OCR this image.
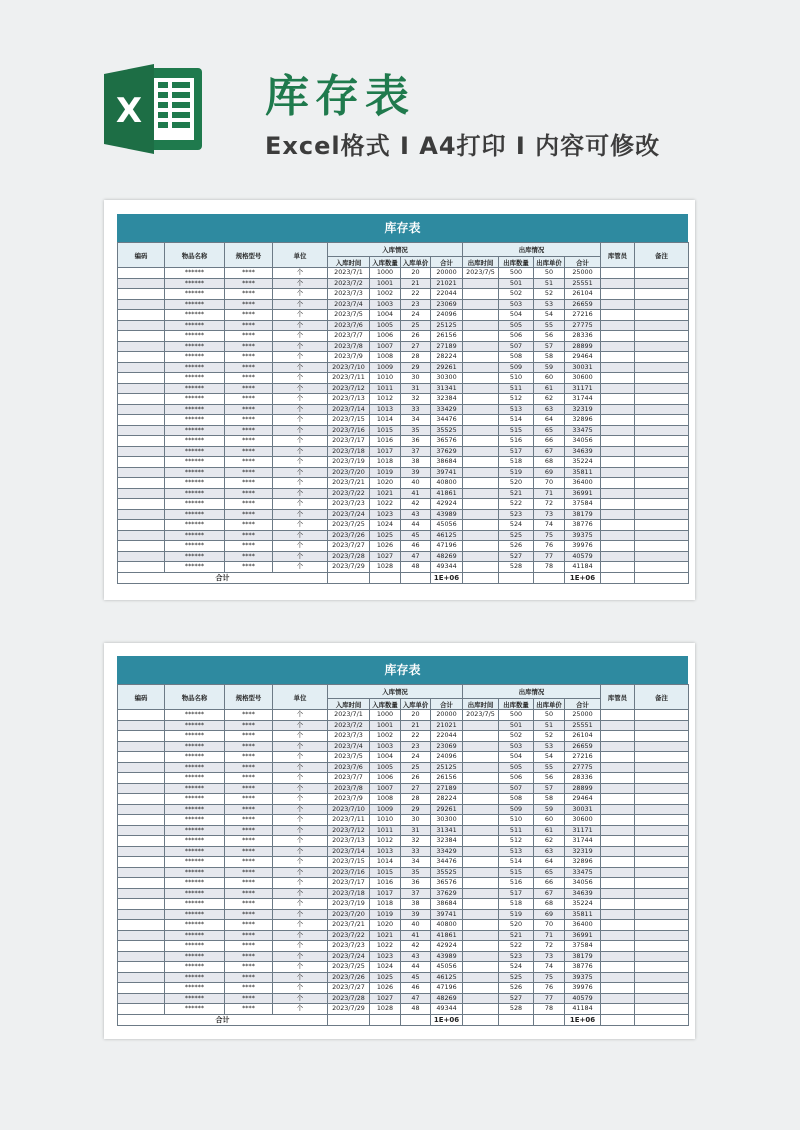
X	库存表
Excel格式 I A4打印 I 内容可修改
库存表
编码	物品名称	规格型号	单位	入库情况				出库情况				库管员	备注
				入库时间	入库数量	入库单价	合计	出库时间	出库数量	出库单价	合计		
	******	****	个	2023/7/1	1000	20	20000	2023/7/5	500	50	25000		
	******	****	个	2023/7/2	1001	21	21021		501	51	25551		
	******	****	个	2023/7/3	1002	22	22044		502	52	26104		
	******	****	个	2023/7/4	1003	23	23069		503	53	26659		
	******	****	个	2023/7/5	1004	24	24096		504	54	27216		
	******	****	个	2023/7/6	1005	25	25125		505	55	27775		
	******	****	个	2023/7/7	1006	26	26156		506	56	28336		
	******	****	个	2023/7/8	1007	27	27189		507	57	28899		
	******	****	个	2023/7/9	1008	28	28224		508	58	29464		
	******	****	个	2023/7/10	1009	29	29261		509	59	30031		
	******	****	个	2023/7/11	1010	30	30300		510	60	30600		
	******	****	个	2023/7/12	1011	31	31341		511	61	31171		
	******	****	个	2023/7/13	1012	32	32384		512	62	31744		
	******	****	个	2023/7/14	1013	33	33429		513	63	32319		
	******	****	个	2023/7/15	1014	34	34476		514	64	32896		
	******	****	个	2023/7/16	1015	35	35525		515	65	33475		
	******	****	个	2023/7/17	1016	36	36576		516	66	34056		
	******	****	个	2023/7/18	1017	37	37629		517	67	34639		
	******	****	个	2023/7/19	1018	38	38684		518	68	35224		
	******	****	个	2023/7/20	1019	39	39741		519	69	35811		
	******	****	个	2023/7/21	1020	40	40800		520	70	36400		
	******	****	个	2023/7/22	1021	41	41861		521	71	36991		
	******	****	个	2023/7/23	1022	42	42924		522	72	37584		
	******	****	个	2023/7/24	1023	43	43989		523	73	38179		
	******	****	个	2023/7/25	1024	44	45056		524	74	38776		
	******	****	个	2023/7/26	1025	45	46125		525	75	39375		
	******	****	个	2023/7/27	1026	46	47196		526	76	39976		
	******	****	个	2023/7/28	1027	47	48269		527	77	40579		
	******	****	个	2023/7/29	1028	48	49344		528	78	41184		
合计							1E+06				1E+06		
库存表
编码	物品名称	规格型号	单位	入库情况				出库情况				库管员	备注
				入库时间	入库数量	入库单价	合计	出库时间	出库数量	出库单价	合计		
	******	****	个	2023/7/1	1000	20	20000	2023/7/5	500	50	25000		
	******	****	个	2023/7/2	1001	21	21021		501	51	25551		
	******	****	个	2023/7/3	1002	22	22044		502	52	26104		
	******	****	个	2023/7/4	1003	23	23069		503	53	26659		
	******	****	个	2023/7/5	1004	24	24096		504	54	27216		
	******	****	个	2023/7/6	1005	25	25125		505	55	27775		
	******	****	个	2023/7/7	1006	26	26156		506	56	28336		
	******	****	个	2023/7/8	1007	27	27189		507	57	28899		
	******	****	个	2023/7/9	1008	28	28224		508	58	29464		
	******	****	个	2023/7/10	1009	29	29261		509	59	30031		
	******	****	个	2023/7/11	1010	30	30300		510	60	30600		
	******	****	个	2023/7/12	1011	31	31341		511	61	31171		
	******	****	个	2023/7/13	1012	32	32384		512	62	31744		
	******	****	个	2023/7/14	1013	33	33429		513	63	32319		
	******	****	个	2023/7/15	1014	34	34476		514	64	32896		
	******	****	个	2023/7/16	1015	35	35525		515	65	33475		
	******	****	个	2023/7/17	1016	36	36576		516	66	34056		
	******	****	个	2023/7/18	1017	37	37629		517	67	34639		
	******	****	个	2023/7/19	1018	38	38684		518	68	35224		
	******	****	个	2023/7/20	1019	39	39741		519	69	35811		
	******	****	个	2023/7/21	1020	40	40800		520	70	36400		
	******	****	个	2023/7/22	1021	41	41861		521	71	36991		
	******	****	个	2023/7/23	1022	42	42924		522	72	37584		
	******	****	个	2023/7/24	1023	43	43989		523	73	38179		
	******	****	个	2023/7/25	1024	44	45056		524	74	38776		
	******	****	个	2023/7/26	1025	45	46125		525	75	39375		
	******	****	个	2023/7/27	1026	46	47196		526	76	39976		
	******	****	个	2023/7/28	1027	47	48269		527	77	40579		
	******	****	个	2023/7/29	1028	48	49344		528	78	41184		
合计							1E+06				1E+06		
